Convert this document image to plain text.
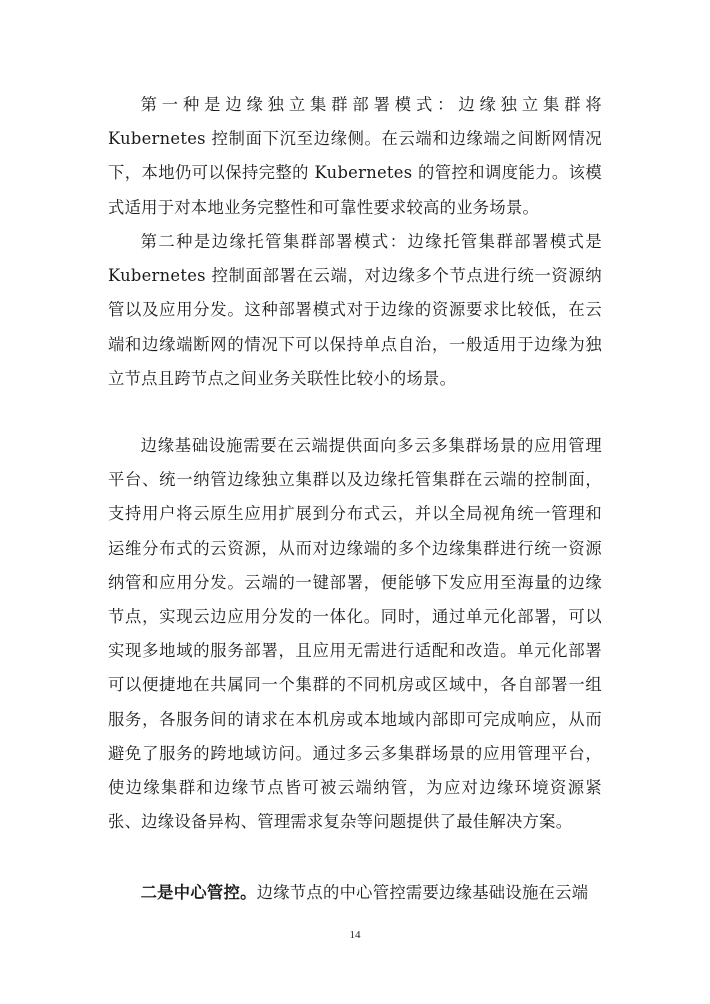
第一种是边缘独立集群部署模式：边缘独立集群将 Kubernetes 控制面下沉至边缘侧。在云端和边缘端之间断网情况下，本地仍可以保持完整的 Kubernetes 的管控和调度能力。该模式适用于对本地业务完整性和可靠性要求较高的业务场景。

第二种是边缘托管集群部署模式：边缘托管集群部署模式是 Kubernetes 控制面部署在云端，对边缘多个节点进行统一资源纳管以及应用分发。这种部署模式对于边缘的资源要求比较低，在云端和边缘端断网的情况下可以保持单点自治，一般适用于边缘为独立节点且跨节点之间业务关联性比较小的场景。

边缘基础设施需要在云端提供面向多云多集群场景的应用管理平台、统一纳管边缘独立集群以及边缘托管集群在云端的控制面，支持用户将云原生应用扩展到分布式云，并以全局视角统一管理和运维分布式的云资源，从而对边缘端的多个边缘集群进行统一资源纳管和应用分发。云端的一键部署，便能够下发应用至海量的边缘节点，实现云边应用分发的一体化。同时，通过单元化部署，可以实现多地域的服务部署，且应用无需进行适配和改造。单元化部署可以便捷地在共属同一个集群的不同机房或区域中，各自部署一组服务，各服务间的请求在本机房或本地域内部即可完成响应，从而避免了服务的跨地域访问。通过多云多集群场景的应用管理平台，使边缘集群和边缘节点皆可被云端纳管，为应对边缘环境资源紧张、边缘设备异构、管理需求复杂等问题提供了最佳解决方案。

二是中心管控。边缘节点的中心管控需要边缘基础设施在云端

14
